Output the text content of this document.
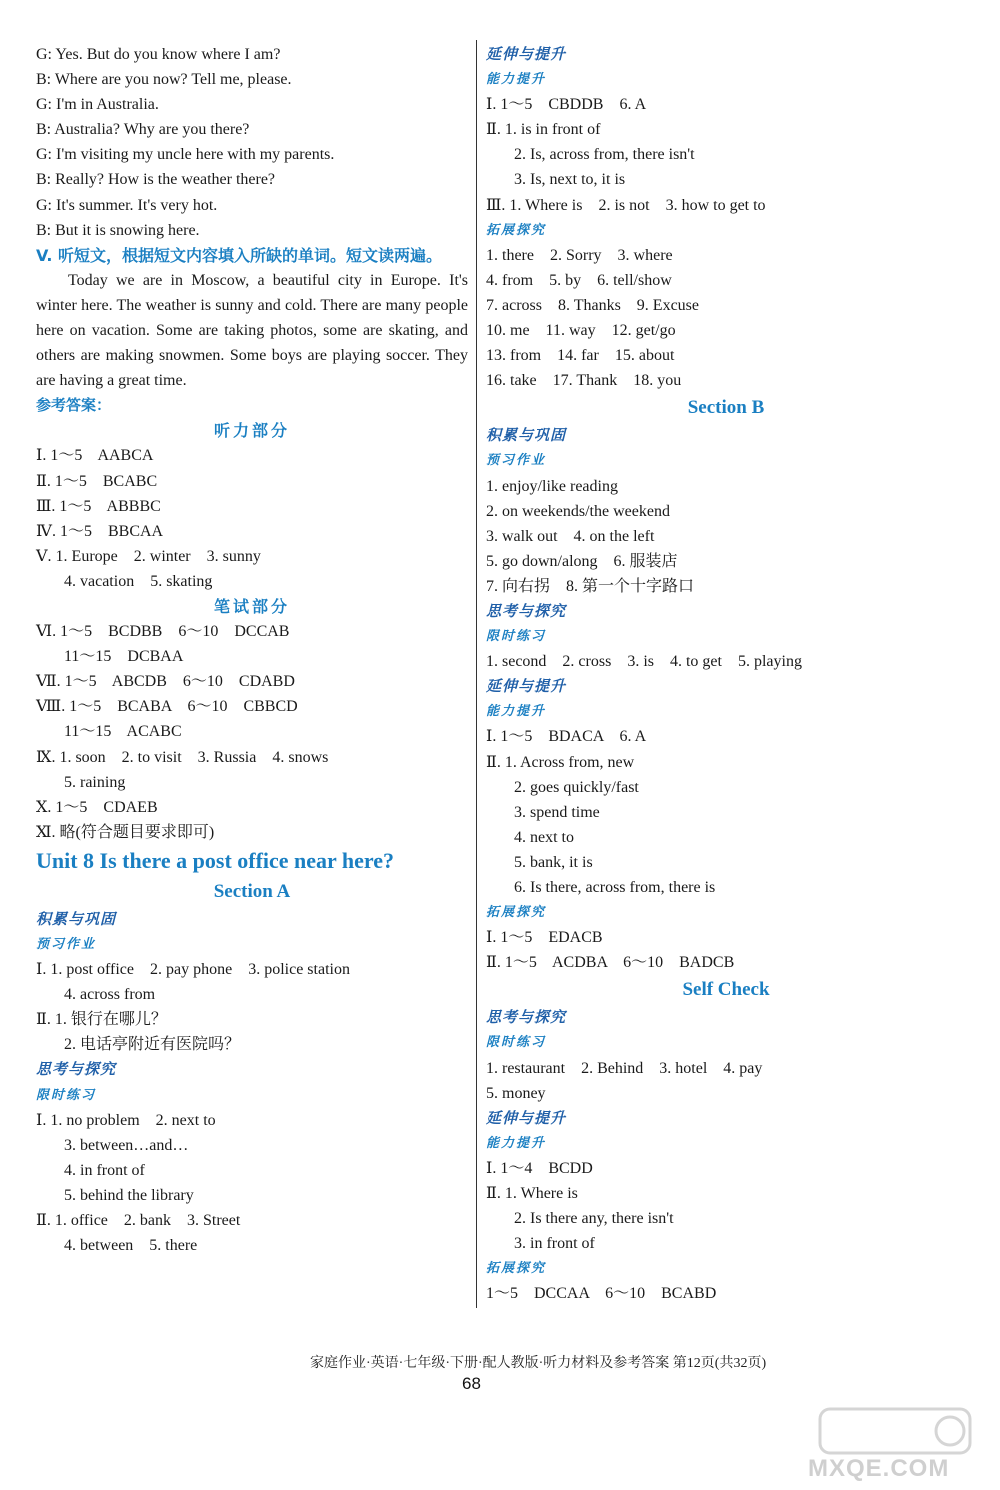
G: Yes. But do you know where I am?
B: Where are you now? Tell me, please.
G: I'm in Australia.
B: Australia? Why are you there?
G: I'm visiting my uncle here with my parents.
B: Really? How is the weather there?
G: It's summer. It's very hot.
B: But it is snowing here.
V. 听短文，根据短文内容填入所缺的单词。短文读两遍。

Today we are in Moscow, a beautiful city in Europe. It's winter here. The weather is sunny and cold. There are many people here on vacation. Some are taking photos, some are skating, and others are making snowmen. Some boys are playing soccer. They are having a great time.

参考答案：
听力部分
Ⅰ. 1～5    AABCA
Ⅱ. 1～5    BCABC
Ⅲ. 1～5    ABBBC
Ⅳ. 1～5    BBCAA
Ⅴ. 1. Europe    2. winter    3. sunny
4. vacation    5. skating
笔试部分
Ⅵ. 1～5    BCDBB    6～10    DCCAB
11～15    DCBAA
Ⅶ. 1～5    ABCDB    6～10    CDABD
Ⅷ. 1～5    BCABA    6～10    CBBCD
11～15    ACABC
Ⅸ. 1. soon    2. to visit    3. Russia    4. snows
5. raining
Ⅹ. 1～5    CDAEB
Ⅺ. 略(符合题目要求即可)
Unit 8 Is there a post office near here?
Section A
积累与巩固
预习作业
Ⅰ. 1. post office    2. pay phone    3. police station
4. across from
Ⅱ. 1. 银行在哪儿？
2. 电话亭附近有医院吗？
思考与探究
限时练习
Ⅰ. 1. no problem    2. next to
3. between…and…
4. in front of
5. behind the library
Ⅱ. 1. office    2. bank    3. Street
4. between    5. there
延伸与提升
能力提升
Ⅰ. 1～5    CBDDB    6. A
Ⅱ. 1. is in front of
2. Is, across from, there isn't
3. Is, next to, it is
Ⅲ. 1. Where is    2. is not    3. how to get to
拓展探究
1. there    2. Sorry    3. where
4. from    5. by    6. tell/show
7. across    8. Thanks    9. Excuse
10. me    11. way    12. get/go
13. from    14. far    15. about
16. take    17. Thank    18. you
Section B
积累与巩固
预习作业
1. enjoy/like reading
2. on weekends/the weekend
3. walk out    4. on the left
5. go down/along    6. 服装店
7. 向右拐    8. 第一个十字路口
思考与探究
限时练习
1. second    2. cross    3. is    4. to get    5. playing
延伸与提升
能力提升
Ⅰ. 1～5    BDACA    6. A
Ⅱ. 1. Across from, new
2. goes quickly/fast
3. spend time
4. next to
5. bank, it is
6. Is there, across from, there is
拓展探究
Ⅰ. 1～5    EDACB
Ⅱ. 1～5    ACDBA    6～10    BADCB
Self Check
思考与探究
限时练习
1. restaurant    2. Behind    3. hotel    4. pay
5. money
延伸与提升
能力提升
Ⅰ. 1～4    BCDD
Ⅱ. 1. Where is
2. Is there any, there isn't
3. in front of
拓展探究
1～5    DCCAA    6～10    BCABD
家庭作业·英语·七年级·下册·配人教版·听力材料及参考答案 第12页(共32页)
68
MXQE.COM
